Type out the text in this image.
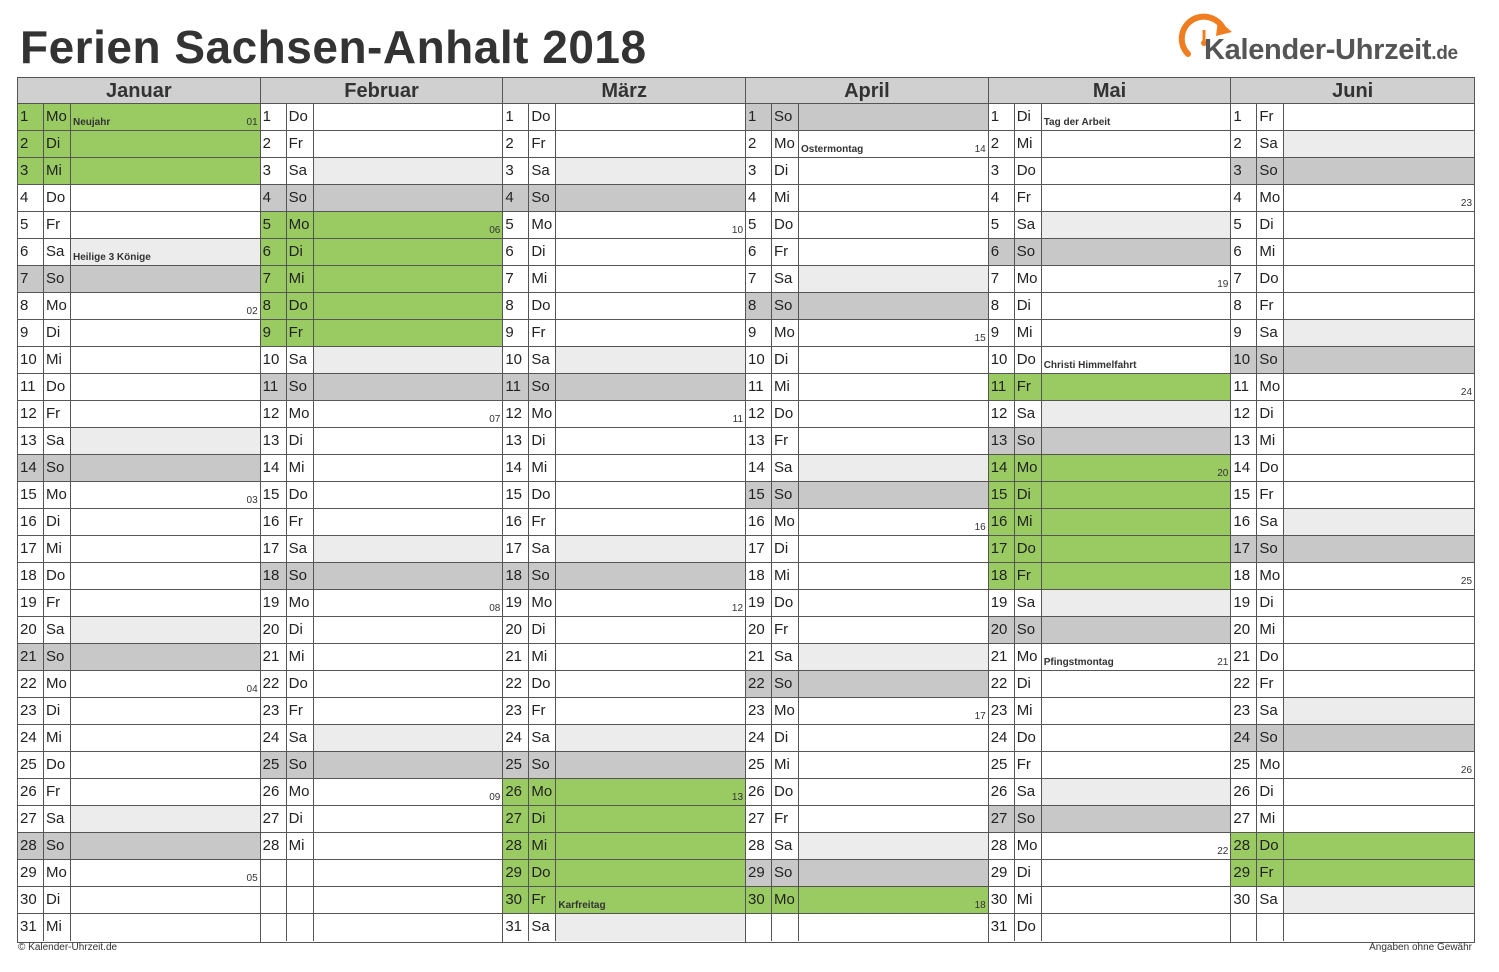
Ferien Sachsen-Anhalt 2018	Kalender-Uhrzeit.de
Januar
1	Mo Neujahr	01
2	Di
3	Mi
4	Do
5	Fr
6	Sa Heilige 3 Könige
7	So
8	Mo	02
9	Di
10 Mi
11 Do
12 Fr
13 Sa
14 So
15 Mo	03
16 Di
17 Mi
18 Do
19 Fr
20 Sa
21 So
22 Mo	04
23 Di
24 Mi
25 Do
26 Fr
27 Sa
28 So
29 Mo	05
30 Di
31 Mi
Februar
1	Do
2	Fr
3	Sa
4	So
5	Mo	06
6	Di
7	Mi
8	Do
9	Fr
10 Sa
11 So
12 Mo	07
13 Di
14 Mi
15 Do
16 Fr
17 Sa
18 So
19 Mo	08
20 Di
21 Mi
22 Do
23 Fr
24 Sa
25 So
26 Mo	09
27 Di
28 Mi
März
1	Do
2	Fr
3	Sa
4	So
5	Mo	10
6	Di
7	Mi
8	Do
9	Fr
10 Sa
11 So
12 Mo	11
13 Di
14 Mi
15 Do
16 Fr
17 Sa
18 So
19 Mo	12
20 Di
21 Mi
22 Do
23 Fr
24 Sa
25 So
26 Mo	13
27 Di
28 Mi
29 Do
30 Fr	Karfreitag
31 Sa
April
1	So
2	Mo Ostermontag	14
3	Di
4	Mi
5	Do
6	Fr
7	Sa
8	So
9	Mo	15
10 Di
11 Mi
12 Do
13 Fr
14 Sa
15 So
16 Mo	16
17 Di
18 Mi
19 Do
20 Fr
21 Sa
22 So
23 Mo	17
24 Di
25 Mi
26 Do
27 Fr
28 Sa
29 So
30 Mo	18
Mai
1	Di	Tag der Arbeit
2	Mi
3	Do
4	Fr
5	Sa
6	So
7	Mo	19
8	Di
9	Mi
10 Do Christi Himmelfahrt
11 Fr
12 Sa
13 So
14 Mo	20
15 Di
16 Mi
17 Do
18 Fr
19 Sa
20 So
21 Mo Pfingstmontag	21
22 Di
23 Mi
24 Do
25 Fr
26 Sa
27 So
28 Mo	22
29 Di
30 Mi
31 Do
Juni
1	Fr
2	Sa
3	So
4	Mo	23
5	Di
6	Mi
7	Do
8	Fr
9	Sa
10 So
11 Mo	24
12 Di
13 Mi
14 Do
15 Fr
16 Sa
17 So
18 Mo	25
19 Di
20 Mi
21 Do
22 Fr
23 Sa
24 So
25 Mo	26
26 Di
27 Mi
28 Do
29 Fr
30 Sa
© Kalender-Uhrzeit.de	Angaben ohne Gewähr
